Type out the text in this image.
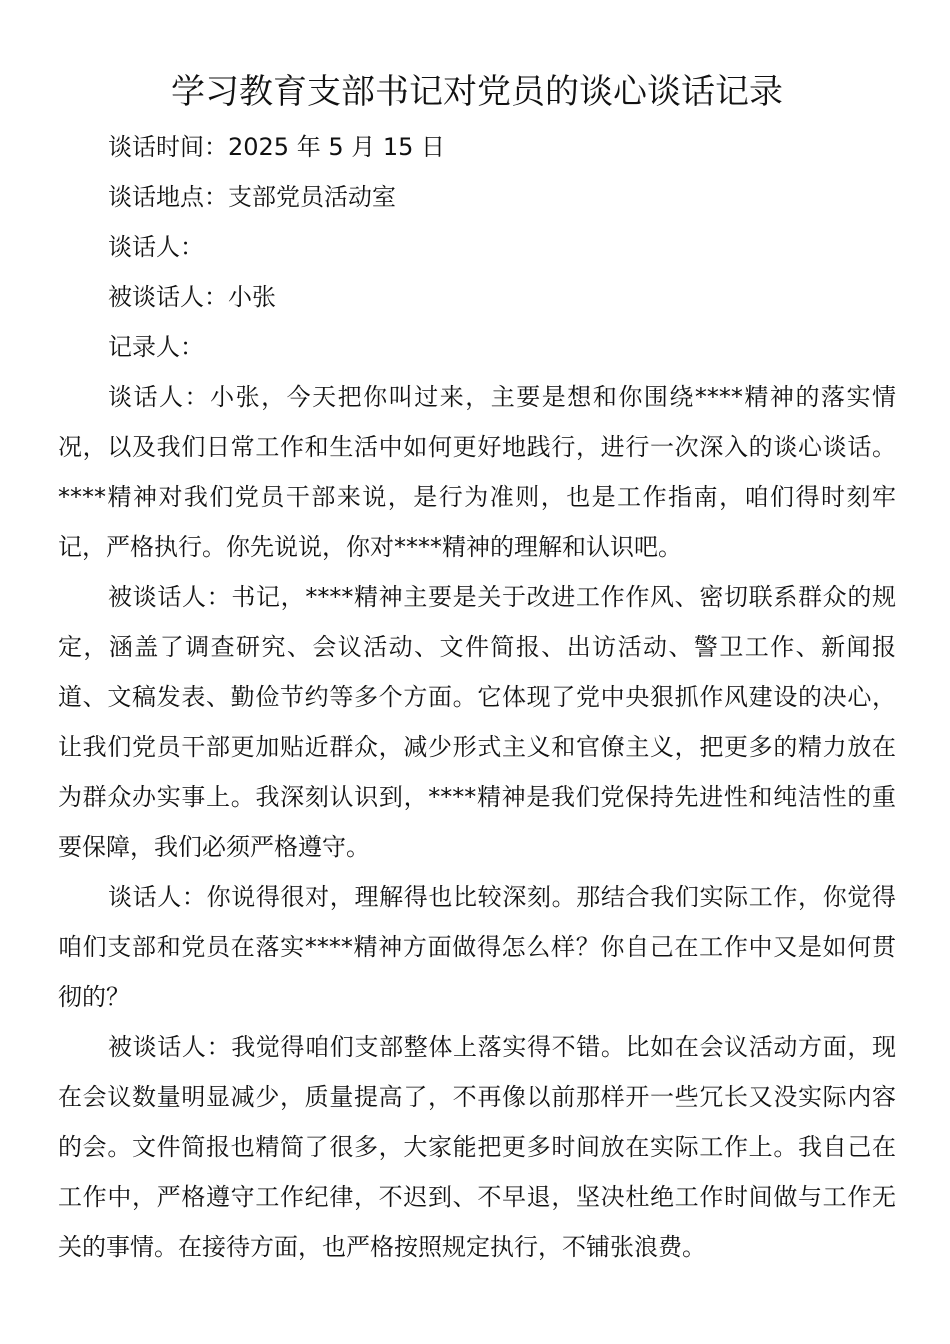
学习教育支部书记对党员的谈心谈话记录

谈话时间：2025 年 5 月 15 日

谈话地点：支部党员活动室

谈话人：

被谈话人：小张

记录人：

谈话人：小张，今天把你叫过来，主要是想和你围绕****精神的落实情况，以及我们日常工作和生活中如何更好地践行，进行一次深入的谈心谈话。****精神对我们党员干部来说，是行为准则，也是工作指南，咱们得时刻牢记，严格执行。你先说说，你对****精神的理解和认识吧。

被谈话人：书记，****精神主要是关于改进工作作风、密切联系群众的规定，涵盖了调查研究、会议活动、文件简报、出访活动、警卫工作、新闻报道、文稿发表、勤俭节约等多个方面。它体现了党中央狠抓作风建设的决心，让我们党员干部更加贴近群众，减少形式主义和官僚主义，把更多的精力放在为群众办实事上。我深刻认识到，****精神是我们党保持先进性和纯洁性的重要保障，我们必须严格遵守。

谈话人：你说得很对，理解得也比较深刻。那结合我们实际工作，你觉得咱们支部和党员在落实****精神方面做得怎么样？你自己在工作中又是如何贯彻的？

被谈话人：我觉得咱们支部整体上落实得不错。比如在会议活动方面，现在会议数量明显减少，质量提高了，不再像以前那样开一些冗长又没实际内容的会。文件简报也精简了很多，大家能把更多时间放在实际工作上。我自己在工作中，严格遵守工作纪律，不迟到、不早退，坚决杜绝工作时间做与工作无关的事情。在接待方面，也严格按照规定执行，不铺张浪费。
